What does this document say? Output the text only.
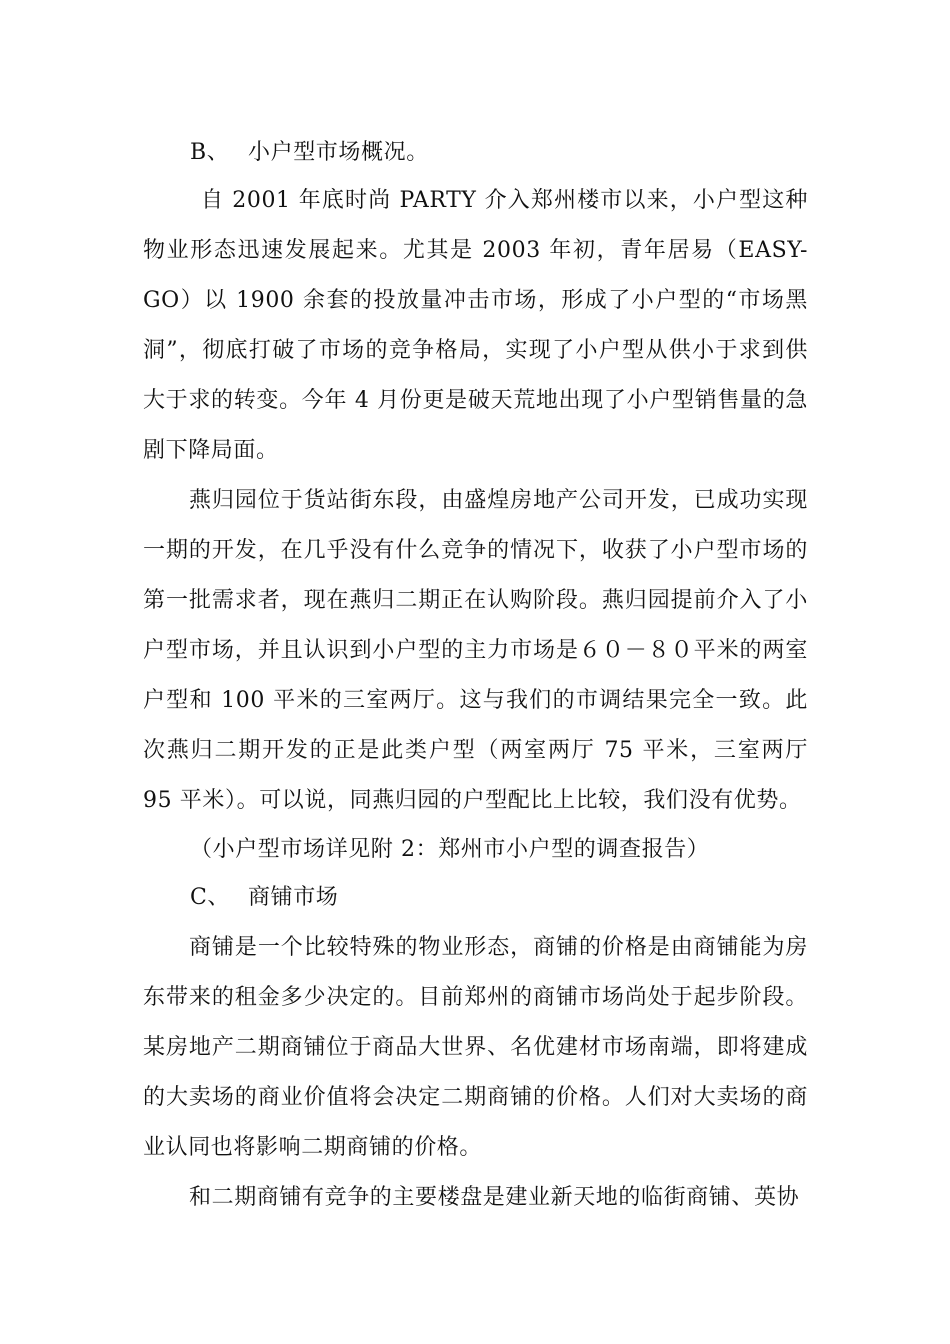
B、 小户型市场概况。

自 2001 年底时尚 PARTY 介入郑州楼市以来，小户型这种物业形态迅速发展起来。尤其是 2003 年初，青年居易（EASY-GO）以 1900 余套的投放量冲击市场，形成了小户型的“市场黑洞”，彻底打破了市场的竞争格局，实现了小户型从供小于求到供大于求的转变。今年 4 月份更是破天荒地出现了小户型销售量的急剧下降局面。

燕归园位于货站街东段，由盛煌房地产公司开发，已成功实现一期的开发，在几乎没有什么竞争的情况下，收获了小户型市场的第一批需求者，现在燕归二期正在认购阶段。燕归园提前介入了小户型市场，并且认识到小户型的主力市场是６０－８０平米的两室户型和 100 平米的三室两厅。这与我们的市调结果完全一致。此次燕归二期开发的正是此类户型（两室两厅 75 平米，三室两厅 95 平米）。可以说，同燕归园的户型配比上比较，我们没有优势。

（小户型市场详见附 2：郑州市小户型的调查报告）
C、 商铺市场

商铺是一个比较特殊的物业形态，商铺的价格是由商铺能为房东带来的租金多少决定的。目前郑州的商铺市场尚处于起步阶段。某房地产二期商铺位于商品大世界、名优建材市场南端，即将建成的大卖场的商业价值将会决定二期商铺的价格。人们对大卖场的商业认同也将影响二期商铺的价格。

和二期商铺有竞争的主要楼盘是建业新天地的临街商铺、英协
